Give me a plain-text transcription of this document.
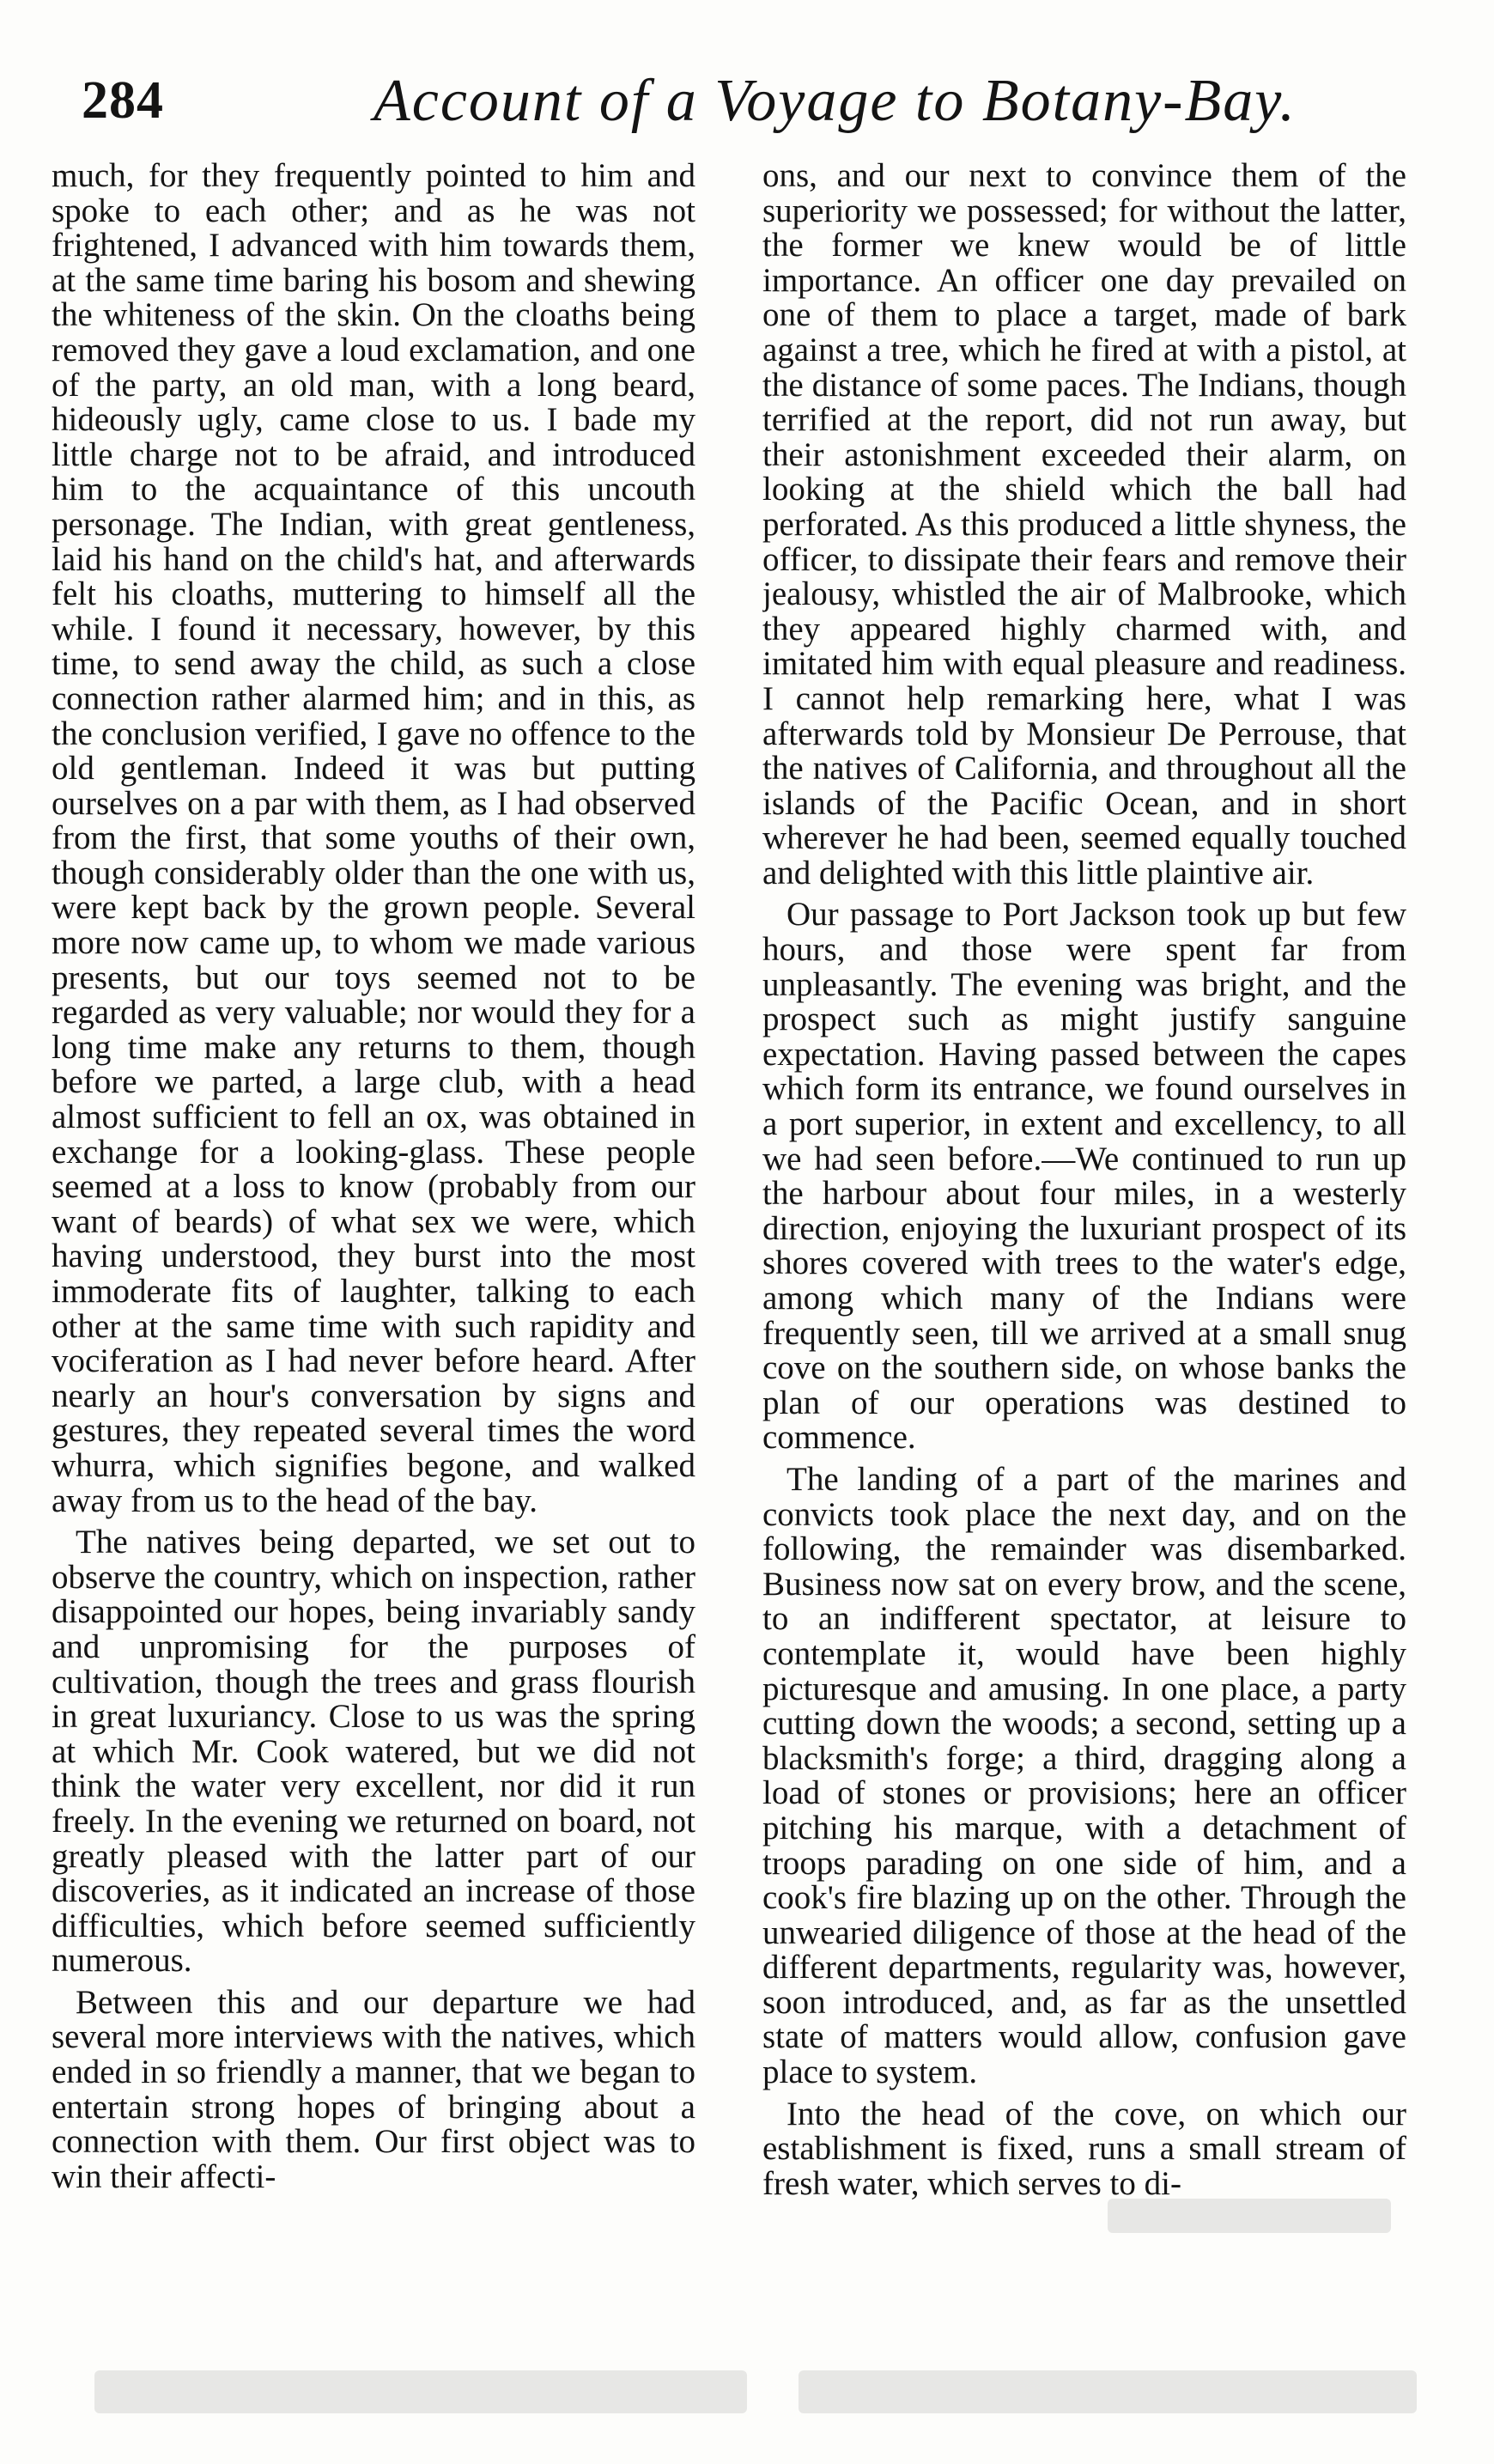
284	Account of a Voyage to Botany-Bay.

much, for they frequently pointed to him and spoke to each other; and as he was not frightened, I advanced with him towards them, at the same time baring his bosom and shewing the whiteness of the skin. On the cloaths being removed they gave a loud exclamation, and one of the party, an old man, with a long beard, hideously ugly, came close to us. I bade my little charge not to be afraid, and introduced him to the acquaintance of this uncouth personage. The Indian, with great gentleness, laid his hand on the child's hat, and afterwards felt his cloaths, muttering to himself all the while. I found it necessary, however, by this time, to send away the child, as such a close connection rather alarmed him; and in this, as the conclusion verified, I gave no offence to the old gentleman. Indeed it was but putting ourselves on a par with them, as I had observed from the first, that some youths of their own, though considerably older than the one with us, were kept back by the grown people. Several more now came up, to whom we made various presents, but our toys seemed not to be regarded as very valuable; nor would they for a long time make any returns to them, though before we parted, a large club, with a head almost sufficient to fell an ox, was obtained in exchange for a looking-glass. These people seemed at a loss to know (probably from our want of beards) of what sex we were, which having understood, they burst into the most immoderate fits of laughter, talking to each other at the same time with such rapidity and vociferation as I had never before heard. After nearly an hour's conversation by signs and gestures, they repeated several times the word whurra, which signifies begone, and walked away from us to the head of the bay.

The natives being departed, we set out to observe the country, which on inspection, rather disappointed our hopes, being invariably sandy and unpromising for the purposes of cultivation, though the trees and grass flourish in great luxuriancy. Close to us was the spring at which Mr. Cook watered, but we did not think the water very excellent, nor did it run freely. In the evening we returned on board, not greatly pleased with the latter part of our discoveries, as it indicated an increase of those difficulties, which before seemed sufficiently numerous.

Between this and our departure we had several more interviews with the natives, which ended in so friendly a manner, that we began to entertain strong hopes of bringing about a connection with them. Our first object was to win their affecti-

ons, and our next to convince them of the superiority we possessed; for without the latter, the former we knew would be of little importance. An officer one day prevailed on one of them to place a target, made of bark against a tree, which he fired at with a pistol, at the distance of some paces. The Indians, though terrified at the report, did not run away, but their astonishment exceeded their alarm, on looking at the shield which the ball had perforated. As this produced a little shyness, the officer, to dissipate their fears and remove their jealousy, whistled the air of Malbrooke, which they appeared highly charmed with, and imitated him with equal pleasure and readiness. I cannot help remarking here, what I was afterwards told by Monsieur De Perrouse, that the natives of California, and throughout all the islands of the Pacific Ocean, and in short wherever he had been, seemed equally touched and delighted with this little plaintive air.

Our passage to Port Jackson took up but few hours, and those were spent far from unpleasantly. The evening was bright, and the prospect such as might justify sanguine expectation. Having passed between the capes which form its entrance, we found ourselves in a port superior, in extent and excellency, to all we had seen before.—We continued to run up the harbour about four miles, in a westerly direction, enjoying the luxuriant prospect of its shores covered with trees to the water's edge, among which many of the Indians were frequently seen, till we arrived at a small snug cove on the southern side, on whose banks the plan of our operations was destined to commence.

The landing of a part of the marines and convicts took place the next day, and on the following, the remainder was disembarked. Business now sat on every brow, and the scene, to an indifferent spectator, at leisure to contemplate it, would have been highly picturesque and amusing. In one place, a party cutting down the woods; a second, setting up a blacksmith's forge; a third, dragging along a load of stones or provisions; here an officer pitching his marque, with a detachment of troops parading on one side of him, and a cook's fire blazing up on the other. Through the unwearied diligence of those at the head of the different departments, regularity was, however, soon introduced, and, as far as the unsettled state of matters would allow, confusion gave place to system.

Into the head of the cove, on which our establishment is fixed, runs a small stream of fresh water, which serves to di-
